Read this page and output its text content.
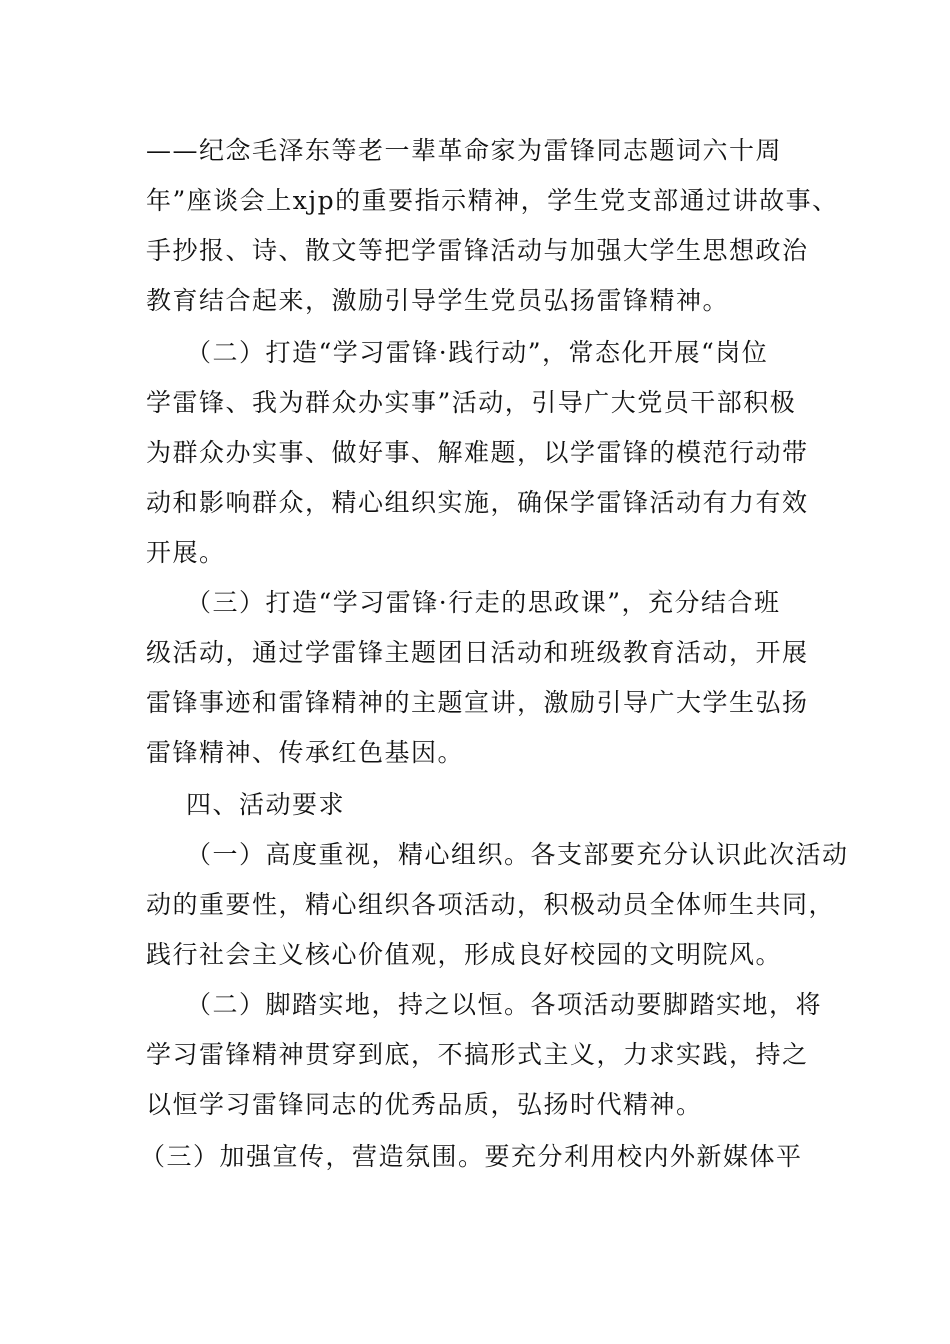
——纪念毛泽东等老一辈革命家为雷锋同志题词六十周
年”座谈会上xjp的重要指示精神，学生党支部通过讲故事、
手抄报、诗、散文等把学雷锋活动与加强大学生思想政治
教育结合起来，激励引导学生党员弘扬雷锋精神。
（二）打造“学习雷锋·践行动”，常态化开展“岗位
学雷锋、我为群众办实事”活动，引导广大党员干部积极
为群众办实事、做好事、解难题，以学雷锋的模范行动带
动和影响群众，精心组织实施，确保学雷锋活动有力有效
开展。
（三）打造“学习雷锋·行走的思政课”，充分结合班
级活动，通过学雷锋主题团日活动和班级教育活动，开展
雷锋事迹和雷锋精神的主题宣讲，激励引导广大学生弘扬
雷锋精神、传承红色基因。
四、活动要求
（一）高度重视，精心组织。各支部要充分认识此次活动
动的重要性，精心组织各项活动，积极动员全体师生共同，
践行社会主义核心价值观，形成良好校园的文明院风。
（二）脚踏实地，持之以恒。各项活动要脚踏实地，将
学习雷锋精神贯穿到底，不搞形式主义，力求实践，持之
以恒学习雷锋同志的优秀品质，弘扬时代精神。
（三）加强宣传，营造氛围。要充分利用校内外新媒体平
